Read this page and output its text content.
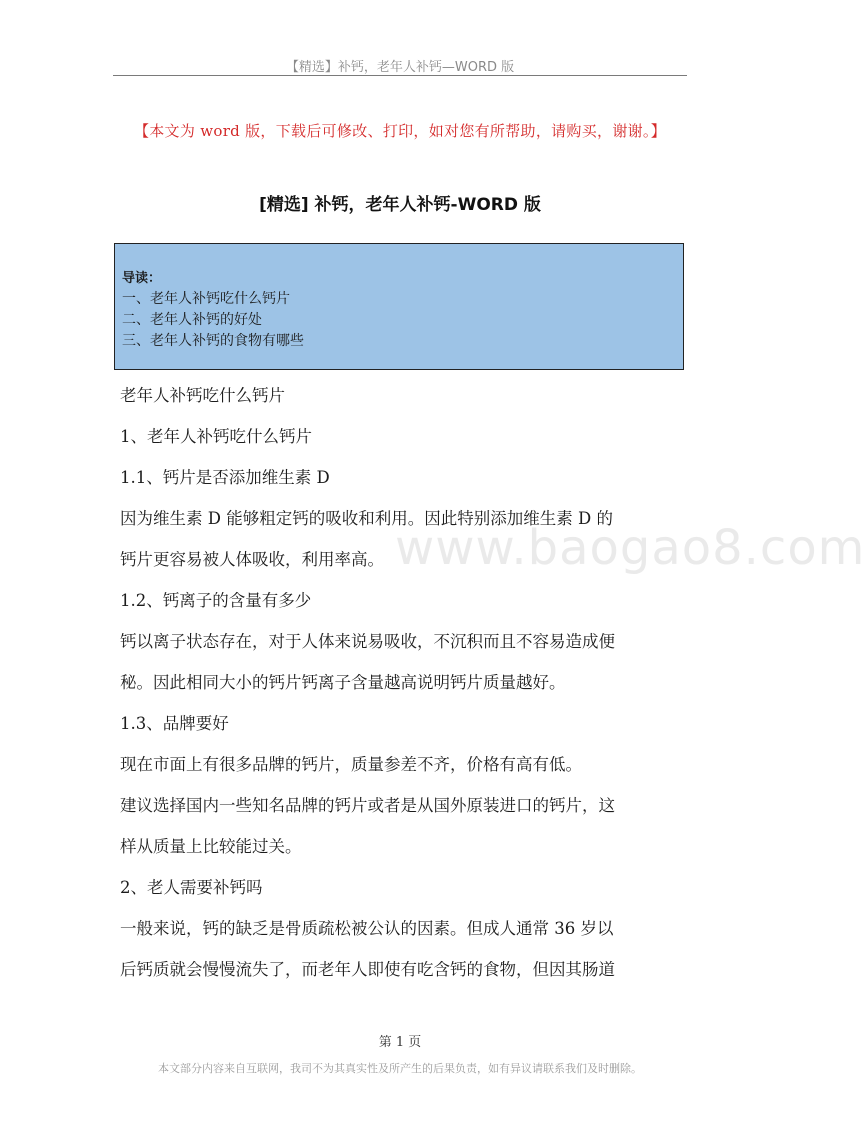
【精选】补钙，老年人补钙—WORD 版
【本文为 word 版，下载后可修改、打印，如对您有所帮助，请购买，谢谢。】
[精选] 补钙，老年人补钙-WORD 版
导读：
一、老年人补钙吃什么钙片
二、老年人补钙的好处
三、老年人补钙的食物有哪些
www.baogao8.com

老年人补钙吃什么钙片

1、老年人补钙吃什么钙片

1.1、钙片是否添加维生素 D

因为维生素 D 能够粗定钙的吸收和利用。因此特别添加维生素 D 的

钙片更容易被人体吸收，利用率高。

1.2、钙离子的含量有多少

钙以离子状态存在，对于人体来说易吸收，不沉积而且不容易造成便

秘。因此相同大小的钙片钙离子含量越高说明钙片质量越好。

1.3、品牌要好

现在市面上有很多品牌的钙片，质量参差不齐，价格有高有低。

建议选择国内一些知名品牌的钙片或者是从国外原装进口的钙片，这

样从质量上比较能过关。

2、老人需要补钙吗

一般来说，钙的缺乏是骨质疏松被公认的因素。但成人通常 36 岁以

后钙质就会慢慢流失了，而老年人即使有吃含钙的食物，但因其肠道

第 1 页
本文部分内容来自互联网，我司不为其真实性及所产生的后果负责，如有异议请联系我们及时删除。
